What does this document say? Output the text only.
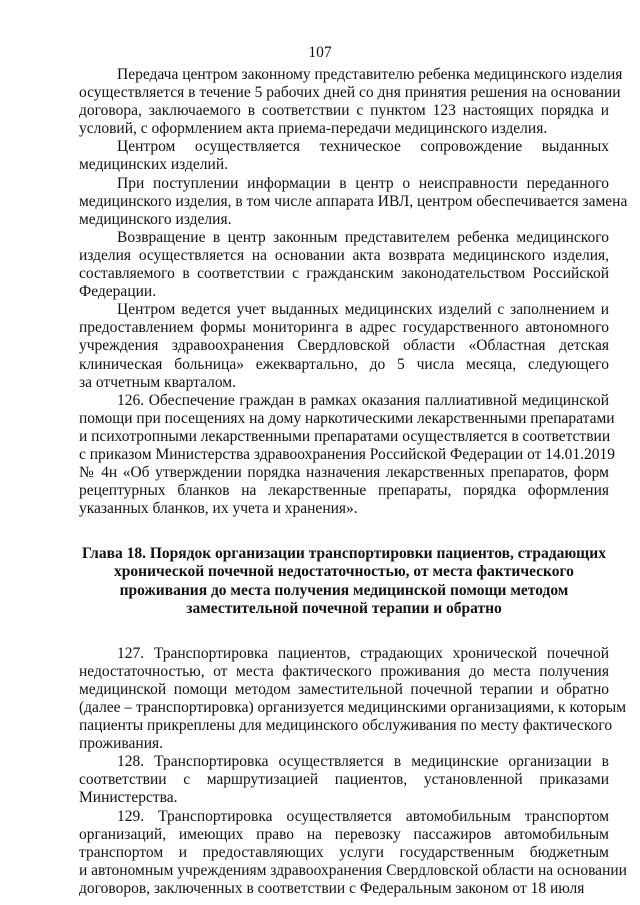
107
Передача центром законному представителю ребенка медицинского изделия
осуществляется в течение 5 рабочих дней со дня принятия решения на основании
договора, заключаемого в соответствии с пунктом 123 настоящих порядка и
условий, с оформлением акта приема-передачи медицинского изделия.
Центром осуществляется техническое сопровождение выданных
медицинских изделий.
При поступлении информации в центр о неисправности переданного
медицинского изделия, в том числе аппарата ИВЛ, центром обеспечивается замена
медицинского изделия.
Возвращение в центр законным представителем ребенка медицинского
изделия осуществляется на основании акта возврата медицинского изделия,
составляемого в соответствии с гражданским законодательством Российской
Федерации.
Центром ведется учет выданных медицинских изделий с заполнением и
предоставлением формы мониторинга в адрес государственного автономного
учреждения здравоохранения Свердловской области «Областная детская
клиническая больница» ежеквартально, до 5 числа месяца, следующего
за отчетным кварталом.
126. Обеспечение граждан в рамках оказания паллиативной медицинской
помощи при посещениях на дому наркотическими лекарственными препаратами
и психотропными лекарственными препаратами осуществляется в соответствии
с приказом Министерства здравоохранения Российской Федерации от 14.01.2019
№ 4н «Об утверждении порядка назначения лекарственных препаратов, форм
рецептурных бланков на лекарственные препараты, порядка оформления
указанных бланков, их учета и хранения».
Глава 18. Порядок организации транспортировки пациентов, страдающих
хронической почечной недостаточностью, от места фактического
проживания до места получения медицинской помощи методом
заместительной почечной терапии и обратно
127. Транспортировка пациентов, страдающих хронической почечной
недостаточностью, от места фактического проживания до места получения
медицинской помощи методом заместительной почечной терапии и обратно
(далее – транспортировка) организуется медицинскими организациями, к которым
пациенты прикреплены для медицинского обслуживания по месту фактического
проживания.
128. Транспортировка осуществляется в медицинские организации в
соответствии с маршрутизацией пациентов, установленной приказами
Министерства.
129. Транспортировка осуществляется автомобильным транспортом
организаций, имеющих право на перевозку пассажиров автомобильным
транспортом и предоставляющих услуги государственным бюджетным
и автономным учреждениям здравоохранения Свердловской области на основании
договоров, заключенных в соответствии с Федеральным законом от 18 июля
